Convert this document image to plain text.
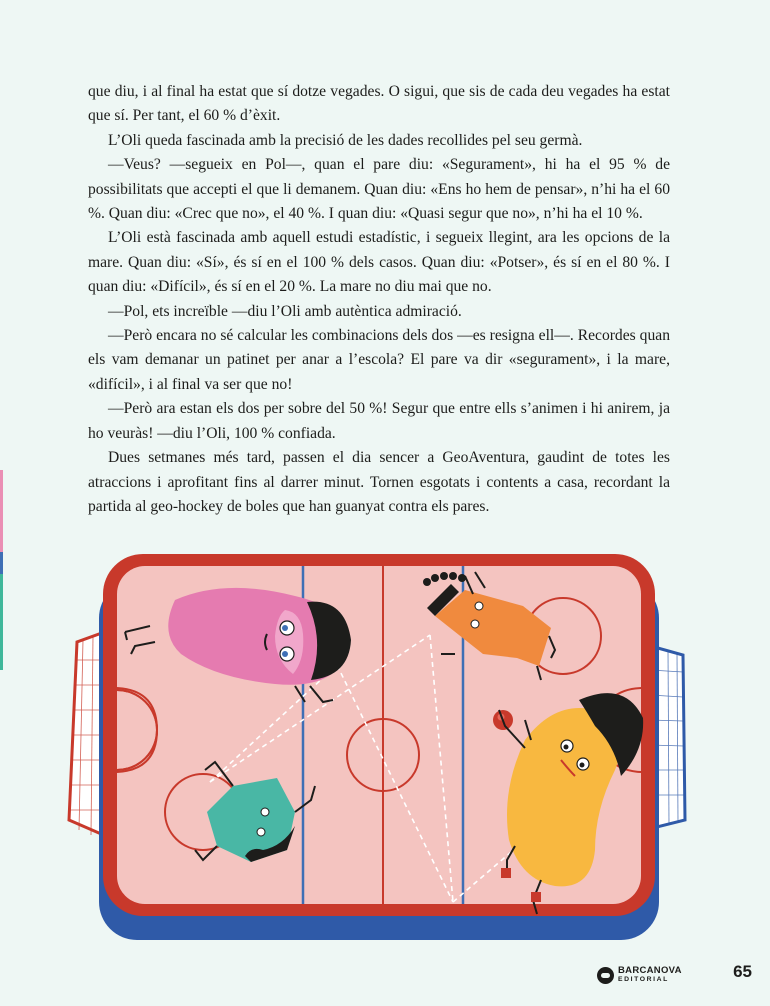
que diu, i al final ha estat que sí dotze vegades. O sigui, que sis de cada deu vegades ha estat que sí. Per tant, el 60 % d’èxit.

L’Oli queda fascinada amb la precisió de les dades recollides pel seu germà.

—Veus? —segueix en Pol—, quan el pare diu: «Segurament», hi ha el 95 % de possibilitats que accepti el que li demanem. Quan diu: «Ens ho hem de pensar», n’hi ha el 60 %. Quan diu: «Crec que no», el 40 %. I quan diu: «Quasi segur que no», n’hi ha el 10 %.

L’Oli està fascinada amb aquell estudi estadístic, i segueix llegint, ara les opcions de la mare. Quan diu: «Sí», és sí en el 100 % dels casos. Quan diu: «Potser», és sí en el 80 %. I quan diu: «Difícil», és sí en el 20 %. La mare no diu mai que no.

—Pol, ets increïble —diu l’Oli amb autèntica admiració.

—Però encara no sé calcular les combinacions dels dos —es resigna ell—. Recordes quan els vam demanar un patinet per anar a l’escola? El pare va dir «segurament», i la mare, «difícil», i al final va ser que no!

—Però ara estan els dos per sobre del 50 %! Segur que entre ells s’animen i hi anirem, ja ho veuràs! —diu l’Oli, 100 % confiada.

Dues setmanes més tard, passen el dia sencer a GeoAventura, gaudint de totes les atraccions i aprofitant fins al darrer minut. Tornen esgotats i contents a casa, recordant la partida al geo-hockey de boles que han guanyat contra els pares.

BARCANOVA
EDITORIAL	65
